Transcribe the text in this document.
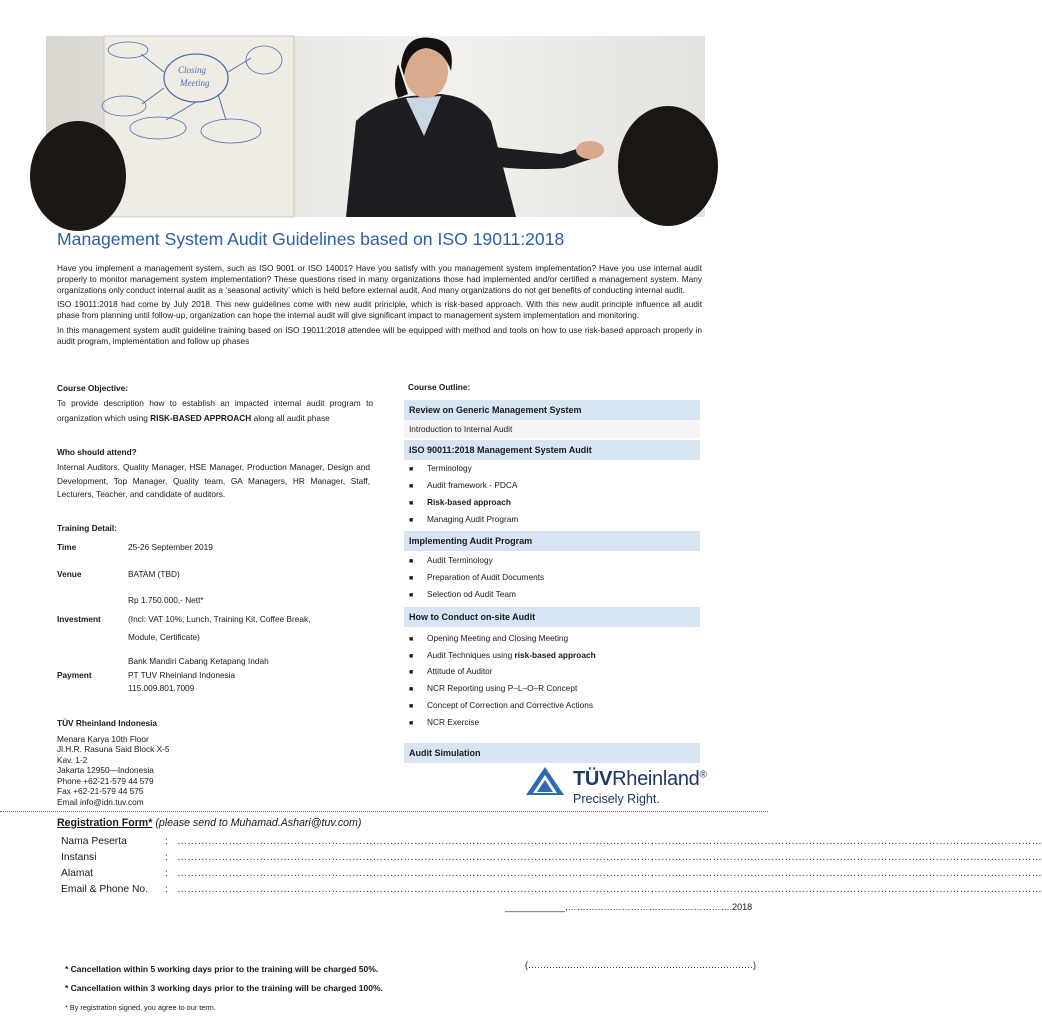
Closing
Meeting
Management System Audit Guidelines based on ISO 19011:2018

Have you implement a management system, such as ISO 9001 or ISO 14001? Have you satisfy with you management system implementation? Have you use internal audit properly to monitor management system implementation? These questions rised in many organizations those had implemented and/or certified a management system. Many organizations only conduct internal audit as a ‘seasonal activity’ which is held before external audit. And many organizations do not get benefits of conducting internal audit.

ISO 19011:2018 had come by July 2018. This new guidelines come with new audit principle, which is risk-based approach. With this new audit principle influence all audit phase from planning until follow-up, organization can hope the internal audit will give significant impact to management system implementation and monitoring.

In this management system audit guideline training based on ISO 19011:2018 attendee will be equipped with method and tools on how to use risk-based approach properly in audit program, implementation and follow up phases

Course Objective:
To provide description how to establish an impacted internal audit program to organization which using RISK-BASED APPROACH along all audit phase
Who should attend?
Internal Auditors, Quality Manager, HSE Manager, Production Manager, Design and Development, Top Manager, Quality team, GA Managers, HR Manager, Staff, Lecturers, Teacher, and candidate of auditors.
Training Detail:
Time	25-26 September 2019
Venue	BATAM (TBD)
Rp 1.750.000,- Nett*
Investment	(Incl: VAT 10%, Lunch, Training Kit, Coffee Break,
Module, Certificate)
Bank Mandiri Cabang Ketapang Indah
Payment	PT TUV Rheinland Indonesia
115.009.801.7009
TÜV Rheinland Indonesia
Menara Karya 10th Floor
Jl.H.R. Rasuna Said Block X-5
Kav. 1-2
Jakarta 12950—Indonesia
Phone +62-21-579 44 579
Fax +62-21-579 44 575
Email info@idn.tuv.com
Course Outline:
Review on Generic Management System
Introduction to Internal Audit
ISO 90011:2018 Management System Audit
■ Terminology
■ Audit framework - PDCA
■ Risk-based approach
■ Managing Audit Program
Implementing Audit Program
■ Audit Terminology
■ Preparation of Audit Documents
■ Selection od Audit Team
How to Conduct on-site Audit
■ Opening Meeting and Closing Meeting
■ Audit Techniques using risk-based approach
■ Attitude of Auditor
■ NCR Reporting using P–L–O–R Concept
■ Concept of Correction and Corrective Actions
■ NCR Exercise
Audit Simulation
TÜVRheinland®
Precisely Right.
Registration Form* (please send to Muhamad.Ashari@tuv.com)
Nama Peserta	: ………………………………………………………………………………………………………………………………………………………………………………………………………………………………
Instansi	: ………………………………………………………………………………………………………………………………………………………………………………………………………………………………
Alamat	: ………………………………………………………………………………………………………………………………………………………………………………………………………………………………
Email & Phone No. : ………………………………………………………………………………………………………………………………………………………………………………………………………………………………
____________,……………………………………………….2018
(…………………………………………………………………)
* Cancellation within 5 working days prior to the training will be charged 50%.
* Cancellation within 3 working days prior to the training will be charged 100%.
* By registration signed, you agree to our term.
